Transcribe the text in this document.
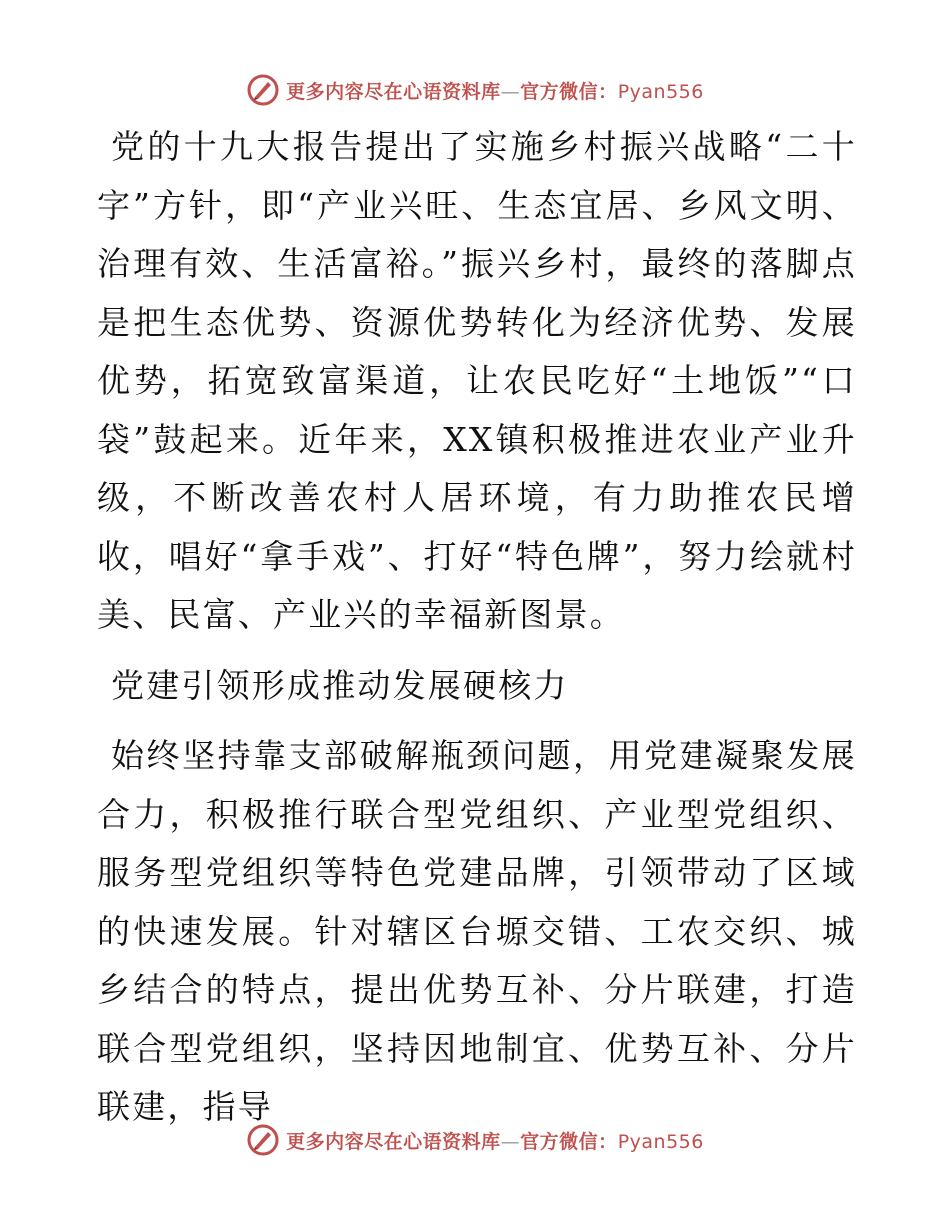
更多内容尽在心语资料库—官方微信：Pyan556

党的十九大报告提出了实施乡村振兴战略“二十字”方针，即“产业兴旺、生态宜居、乡风文明、治理有效、生活富裕。”振兴乡村，最终的落脚点是把生态优势、资源优势转化为经济优势、发展优势，拓宽致富渠道，让农民吃好“土地饭”“口袋”鼓起来。近年来，XX镇积极推进农业产业升级，不断改善农村人居环境，有力助推农民增收，唱好“拿手戏”、打好“特色牌”，努力绘就村美、民富、产业兴的幸福新图景。

党建引领形成推动发展硬核力

始终坚持靠支部破解瓶颈问题，用党建凝聚发展合力，积极推行联合型党组织、产业型党组织、服务型党组织等特色党建品牌，引领带动了区域的快速发展。针对辖区台塬交错、工农交织、城乡结合的特点，提出优势互补、分片联建，打造联合型党组织，坚持因地制宜、优势互补、分片联建，指导

更多内容尽在心语资料库—官方微信：Pyan556
